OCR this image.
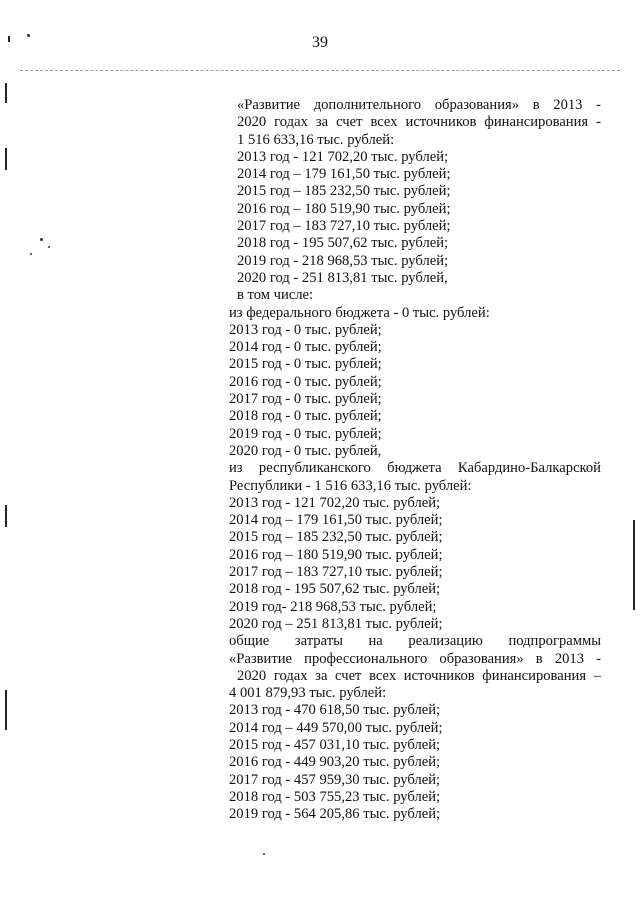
39
«Развитие дополнительного образования» в 2013 -
2020 годах за счет всех источников финансирования -
1 516 633,16 тыс. рублей:
2013 год - 121 702,20 тыс. рублей;
2014 год – 179 161,50 тыс. рублей;
2015 год – 185 232,50 тыс. рублей;
2016 год – 180 519,90 тыс. рублей;
2017 год – 183 727,10 тыс. рублей;
2018 год - 195 507,62 тыс. рублей;
2019 год - 218 968,53 тыс. рублей;
2020 год - 251 813,81 тыс. рублей,
в том числе:
из федерального бюджета - 0 тыс. рублей:
2013 год - 0 тыс. рублей;
2014 год - 0 тыс. рублей;
2015 год - 0 тыс. рублей;
2016 год - 0 тыс. рублей;
2017 год - 0 тыс. рублей;
2018 год - 0 тыс. рублей;
2019 год - 0 тыс. рублей;
2020 год - 0 тыс. рублей,
из республиканского бюджета Кабардино-Балкарской
Республики - 1 516 633,16 тыс. рублей:
2013 год - 121 702,20 тыс. рублей;
2014 год – 179 161,50 тыс. рублей;
2015 год – 185 232,50 тыс. рублей;
2016 год – 180 519,90 тыс. рублей;
2017 год – 183 727,10 тыс. рублей;
2018 год - 195 507,62 тыс. рублей;
2019 год- 218 968,53 тыс. рублей;
2020 год – 251 813,81 тыс. рублей;
общие затраты на реализацию подпрограммы
«Развитие профессионального образования» в 2013 -
2020 годах за счет всех источников финансирования –
4 001 879,93 тыс. рублей:
2013 год - 470 618,50 тыс. рублей;
2014 год – 449 570,00 тыс. рублей;
2015 год - 457 031,10 тыс. рублей;
2016 год - 449 903,20 тыс. рублей;
2017 год - 457 959,30 тыс. рублей;
2018 год - 503 755,23 тыс. рублей;
2019 год - 564 205,86 тыс. рублей;
